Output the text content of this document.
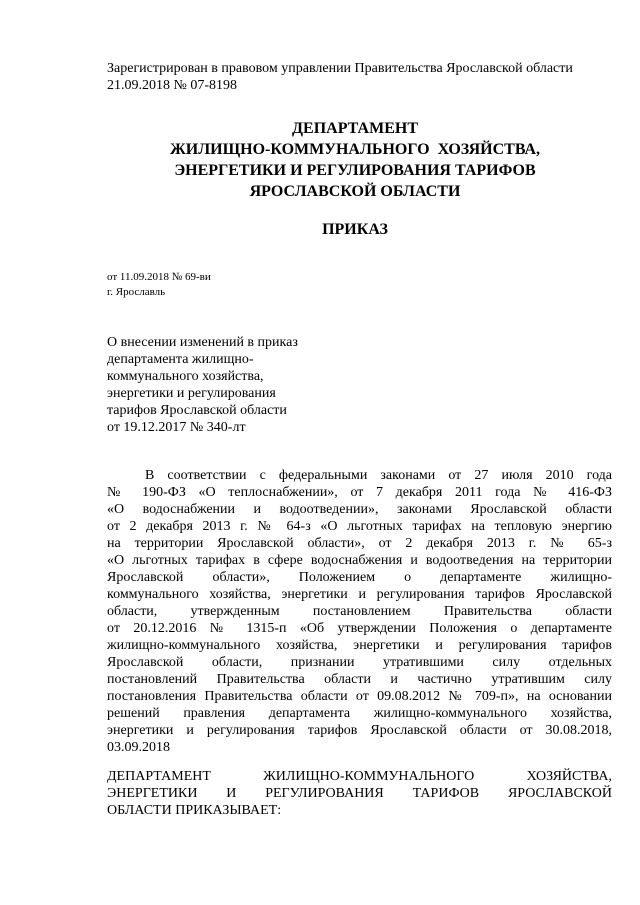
Зарегистрирован в правовом управлении Правительства Ярославской области
21.09.2018 № 07-8198
ДЕПАРТАМЕНТ
ЖИЛИЩНО-КОММУНАЛЬНОГО  ХОЗЯЙСТВА,
ЭНЕРГЕТИКИ И РЕГУЛИРОВАНИЯ ТАРИФОВ
ЯРОСЛАВСКОЙ ОБЛАСТИ
ПРИКАЗ
от 11.09.2018 № 69-ви
г. Ярославль
О внесении изменений в приказ
департамента жилищно-
коммунального хозяйства,
энергетики и регулирования
тарифов Ярославской области
от 19.12.2017 № 340-лт
В соответствии с федеральными законами от 27 июля 2010 года
№ 190-ФЗ «О теплоснабжении», от 7 декабря 2011 года № 416-ФЗ
«О водоснабжении и водоотведении», законами Ярославской области
от 2 декабря 2013 г. № 64-з «О льготных тарифах на тепловую энергию
на территории Ярославской области», от 2 декабря 2013 г. № 65-з
«О льготных тарифах в сфере водоснабжения и водоотведения на территории
Ярославской области», Положением о департаменте жилищно-
коммунального хозяйства, энергетики и регулирования тарифов Ярославской
области, утвержденным постановлением Правительства области
от 20.12.2016 № 1315-п «Об утверждении Положения о департаменте
жилищно-коммунального хозяйства, энергетики и регулирования тарифов
Ярославской области, признании утратившими силу отдельных
постановлений Правительства области и частично утратившим силу
постановления Правительства области от 09.08.2012 № 709-п», на основании
решений правления департамента жилищно-коммунального хозяйства,
энергетики и регулирования тарифов Ярославской области от 30.08.2018,
03.09.2018
ДЕПАРТАМЕНТ ЖИЛИЩНО-КОММУНАЛЬНОГО ХОЗЯЙСТВА,
ЭНЕРГЕТИКИ И РЕГУЛИРОВАНИЯ ТАРИФОВ ЯРОСЛАВСКОЙ
ОБЛАСТИ ПРИКАЗЫВАЕТ:
